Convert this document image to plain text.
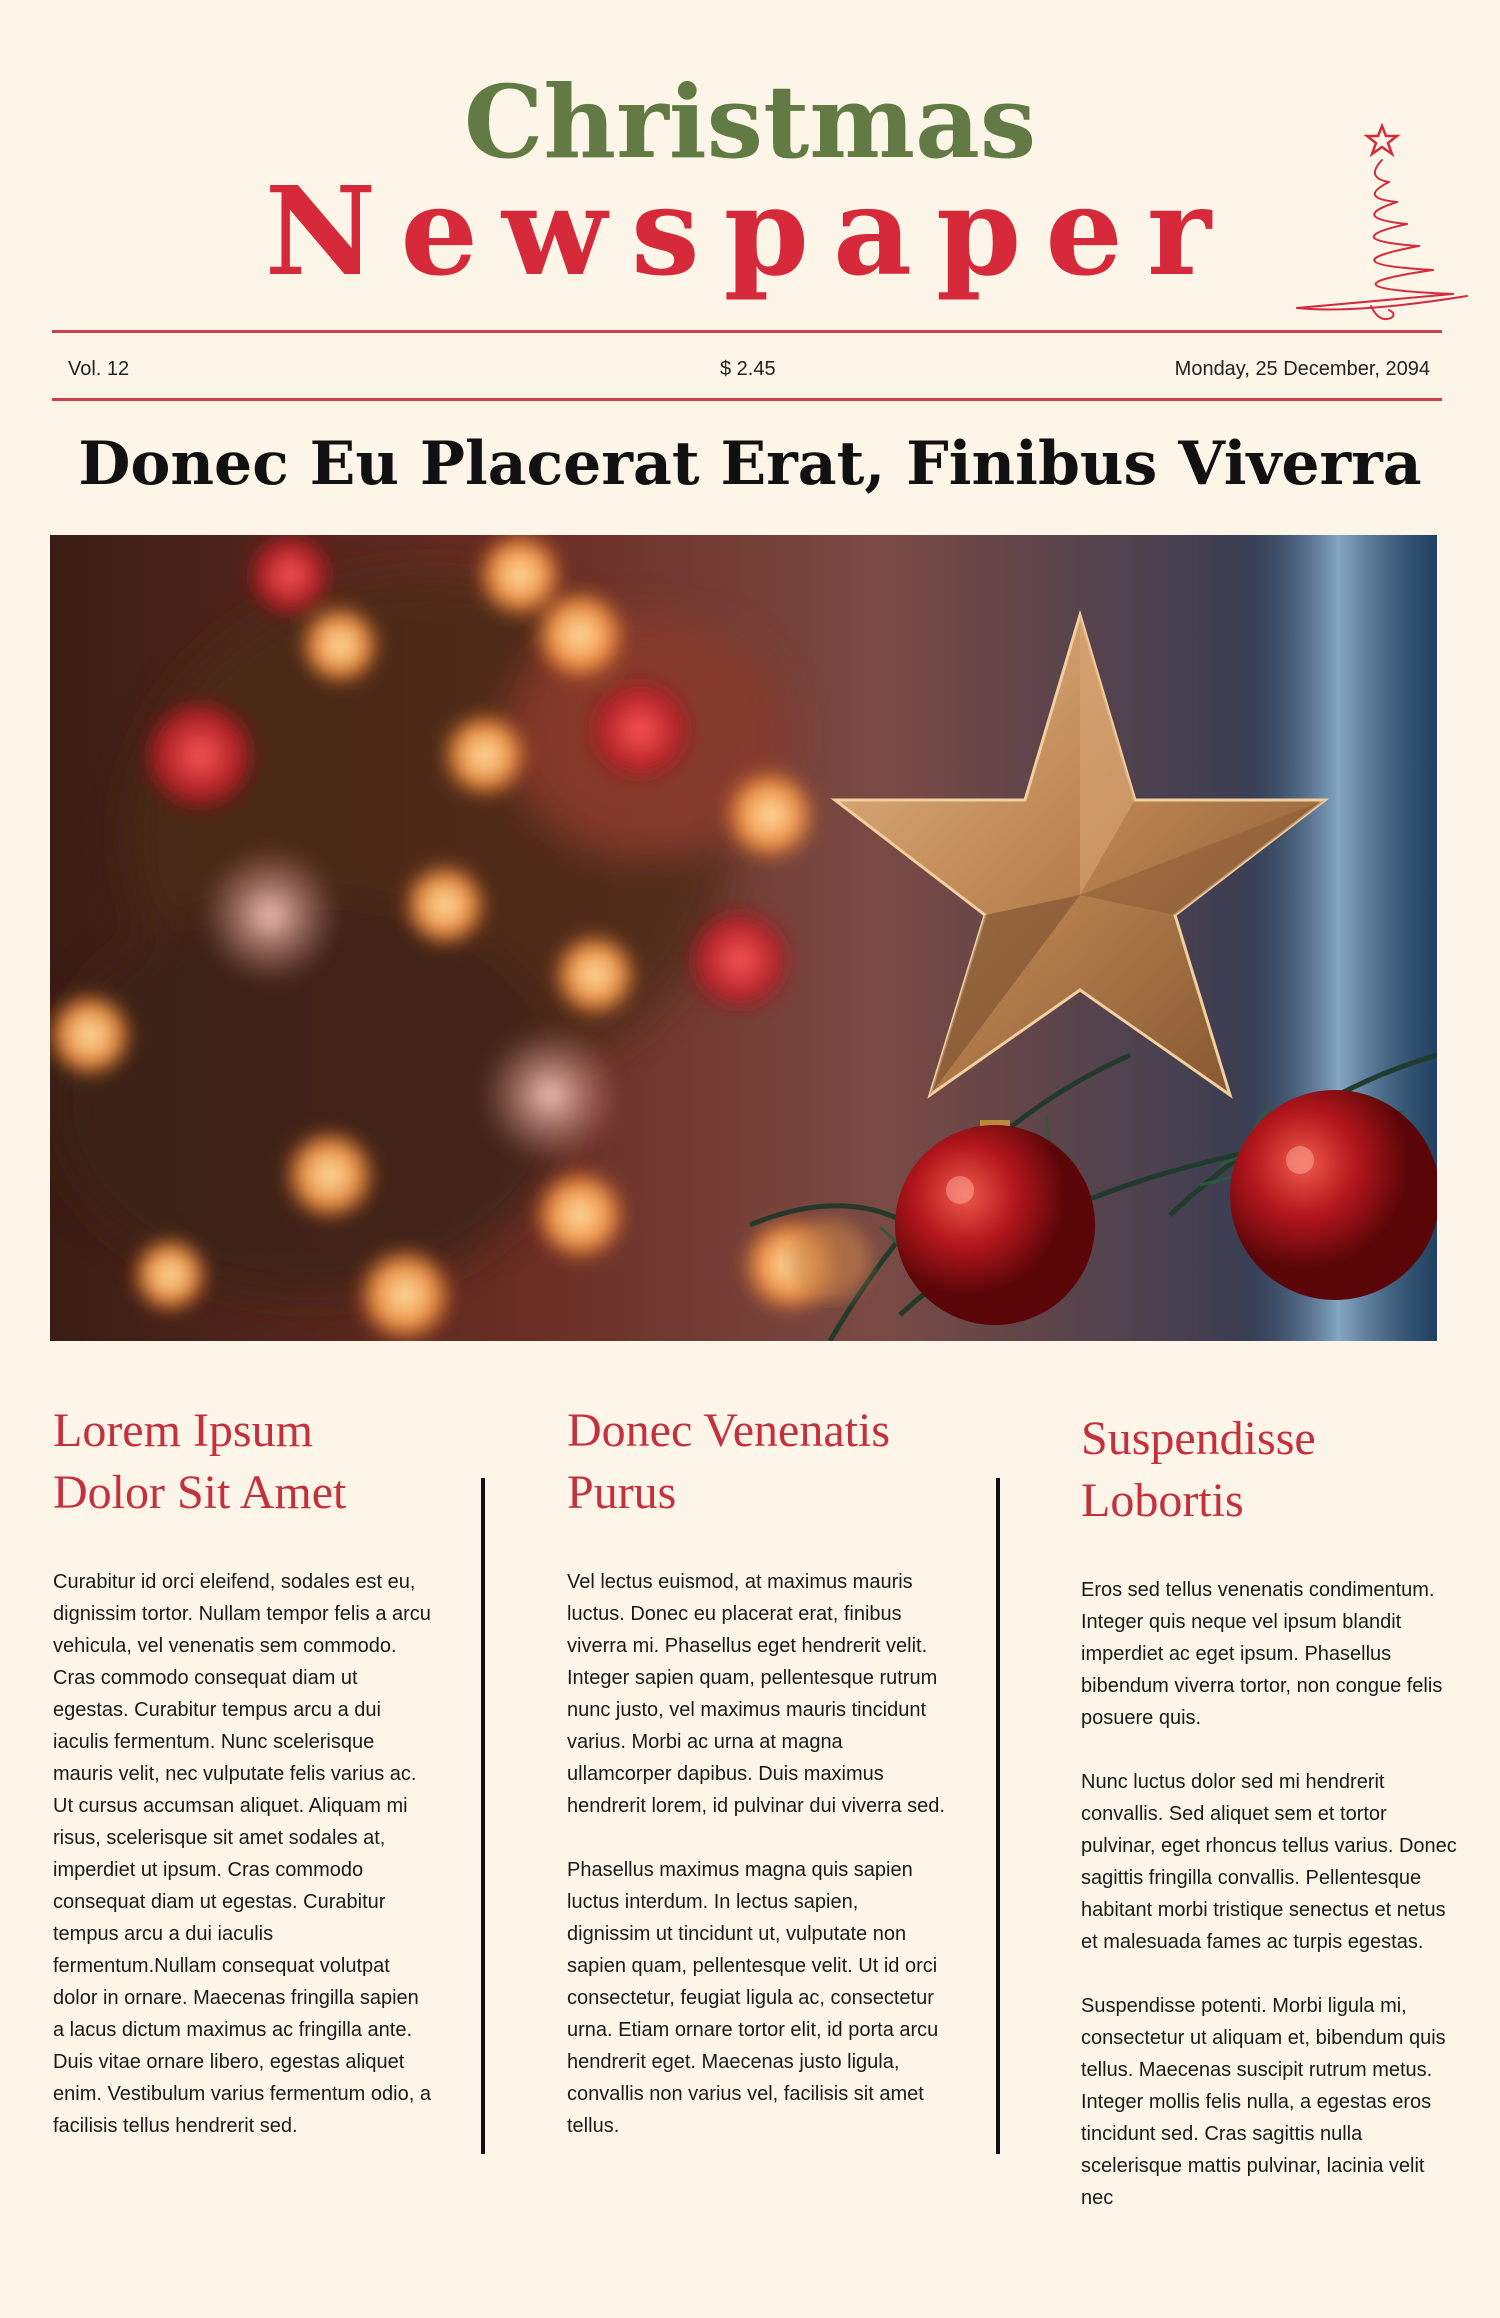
Christmas
Newspaper
Vol. 12	$ 2.45	Monday, 25 December, 2094
Donec Eu Placerat Erat, Finibus Viverra
Lorem Ipsum Dolor Sit Amet

Curabitur id orci eleifend, sodales est eu, dignissim tortor. Nullam tempor felis a arcu vehicula, vel venenatis sem commodo. Cras commodo consequat diam ut egestas. Curabitur tempus arcu a dui iaculis fermentum. Nunc scelerisque mauris velit, nec vulputate felis varius ac. Ut cursus accumsan aliquet. Aliquam mi risus, scelerisque sit amet sodales at, imperdiet ut ipsum. Cras commodo consequat diam ut egestas. Curabitur tempus arcu a dui iaculis fermentum.Nullam consequat volutpat dolor in ornare. Maecenas fringilla sapien a lacus dictum maximus ac fringilla ante. Duis vitae ornare libero, egestas aliquet enim. Vestibulum varius fermentum odio, a facilisis tellus hendrerit sed.

Donec Venenatis Purus

Vel lectus euismod, at maximus mauris luctus. Donec eu placerat erat, finibus viverra mi. Phasellus eget hendrerit velit. Integer sapien quam, pellentesque rutrum nunc justo, vel maximus mauris tincidunt varius. Morbi ac urna at magna ullamcorper dapibus. Duis maximus hendrerit lorem, id pulvinar dui viverra sed.

Phasellus maximus magna quis sapien luctus interdum. In lectus sapien, dignissim ut tincidunt ut, vulputate non sapien quam, pellentesque velit. Ut id orci consectetur, feugiat ligula ac, consectetur urna. Etiam ornare tortor elit, id porta arcu hendrerit eget. Maecenas justo ligula, convallis non varius vel, facilisis sit amet tellus.

Suspendisse Lobortis

Eros sed tellus venenatis condimentum. Integer quis neque vel ipsum blandit imperdiet ac eget ipsum. Phasellus bibendum viverra tortor, non congue felis posuere quis.

Nunc luctus dolor sed mi hendrerit convallis. Sed aliquet sem et tortor pulvinar, eget rhoncus tellus varius. Donec sagittis fringilla convallis. Pellentesque habitant morbi tristique senectus et netus et malesuada fames ac turpis egestas.

Suspendisse potenti. Morbi ligula mi, consectetur ut aliquam et, bibendum quis tellus. Maecenas suscipit rutrum metus. Integer mollis felis nulla, a egestas eros tincidunt sed. Cras sagittis nulla scelerisque mattis pulvinar, lacinia velit nec
